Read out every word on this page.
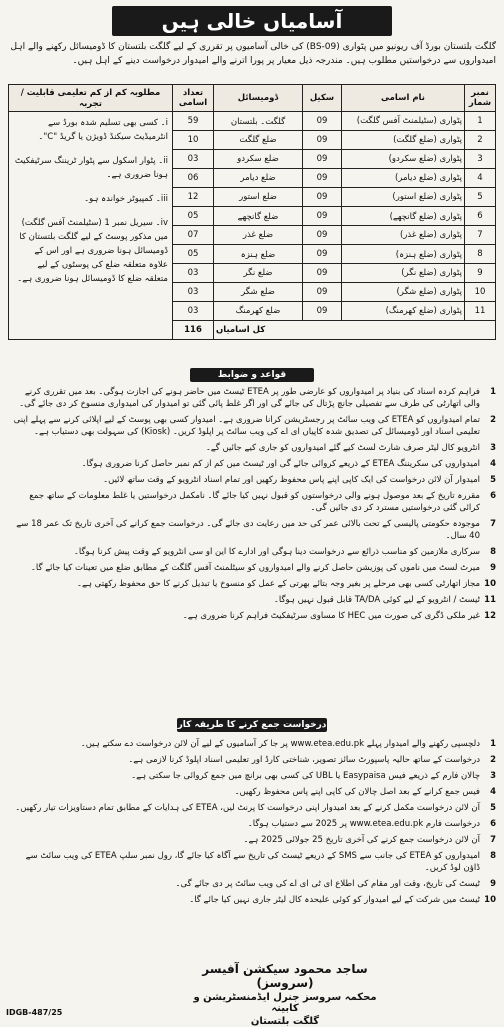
آسامیاں خالی ہیں
گلگت بلتستان بورڈ آف ریونیو میں پٹواری (BS-09) کی خالی آسامیوں پر تقرری کے لیے گلگت بلتستان کا ڈومیسائل رکھنے والے اہل امیدواروں سے درخواستیں مطلوب ہیں۔ مندرجہ ذیل معیار پر پورا اترنے والے امیدوار درخواست دینے کے اہل ہیں۔
نمبر شمار	نام اسامی	سکیل	ڈومیسائل	تعداد اسامی	مطلوبہ کم از کم تعلیمی قابلیت / تجربہ
1	پٹواری (سٹیلمنٹ آفس گلگت)	09	گلگت۔ بلتستان	59	i۔ کسی بھی تسلیم شدہ بورڈ سے انٹرمیڈیٹ سیکنڈ ڈویژن یا گریڈ "C"۔
ii۔ پٹوار اسکول سے پٹوار ٹریننگ سرٹیفکیٹ ہونا ضروری ہے۔
iii۔ کمپیوٹر خواندہ ہو۔
iv۔ سیریل نمبر 1 (سٹیلمنٹ آفس گلگت) میں مذکور پوسٹ کے لیے گلگت بلتستان کا ڈومیسائل ہونا ضروری ہے اور اس کے علاوہ متعلقہ ضلع کی پوسٹوں کے لیے متعلقہ ضلع کا ڈومیسائل ہونا ضروری ہے۔

2	پٹواری (ضلع گلگت)	09	ضلع گلگت	10	
3	پٹواری (ضلع سکردو)	09	ضلع سکردو	03	
4	پٹواری (ضلع دیامر)	09	ضلع دیامر	06	
5	پٹواری (ضلع استور)	09	ضلع استور	12	
6	پٹواری (ضلع گانچھے)	09	ضلع گانچھے	05	
7	پٹواری (ضلع غذر)	09	ضلع غذر	07	
8	پٹواری (ضلع ہنزہ)	09	ضلع ہنزہ	05	
9	پٹواری (ضلع نگر)	09	ضلع نگر	03	
10	پٹواری (ضلع شگر)	09	ضلع شگر	03	
11	پٹواری (ضلع کھرمنگ)	09	ضلع کھرمنگ	03	
کل اسامیاں				116	
قواعد و ضوابط
1
فراہم کردہ اسناد کی بنیاد پر امیدواروں کو عارضی طور پر ETEA ٹیسٹ میں حاضر ہونے کی اجازت ہوگی۔ بعد میں تقرری کرنے والی اتھارٹی کی طرف سے تفصیلی جانچ پڑتال کی جائے گی اور اگر غلط پائی گئی تو امیدوار کی امیدواری منسوخ کر دی جائے گی۔
2
تمام امیدواروں کو ETEA کی ویب سائٹ پر رجسٹریشن کرانا ضروری ہے۔ امیدوار کسی بھی پوسٹ کے لیے اپلائی کرنے سے پہلے اپنی تعلیمی اسناد اور ڈومیسائل کی تصدیق شدہ کاپیاں ای اے کی ویب سائٹ پر اپلوڈ کریں۔ (Kiosk) کی سہولت بھی دستیاب ہے۔
3
انٹرویو کال لیٹر صرف شارٹ لسٹ کیے گئے امیدواروں کو جاری کیے جائیں گے۔
4
امیدواروں کی سکریننگ ETEA کے ذریعے کروائی جائے گی اور ٹیسٹ میں کم از کم نمبر حاصل کرنا ضروری ہوگا۔
5
امیدوار آن لائن درخواست کی ایک کاپی اپنے پاس محفوظ رکھیں اور تمام اسناد انٹرویو کے وقت ساتھ لائیں۔
6
مقررہ تاریخ کے بعد موصول ہونے والی درخواستوں کو قبول نہیں کیا جائے گا۔ نامکمل درخواستیں یا غلط معلومات کے ساتھ جمع کرائی گئی درخواستیں مسترد کر دی جائیں گی۔
7
موجودہ حکومتی پالیسی کے تحت بالائی عمر کی حد میں رعایت دی جائے گی۔ درخواست جمع کرانے کی آخری تاریخ تک عمر 18 سے 40 سال۔
8
سرکاری ملازمین کو مناسب ذرائع سے درخواست دینا ہوگی اور ادارے کا این او سی انٹرویو کے وقت پیش کرنا ہوگا۔
9
میرٹ لسٹ میں ناموں کی پوزیشن حاصل کرنے والے امیدواروں کو سیٹلمنٹ آفس گلگت کے مطابق ضلع میں تعینات کیا جائے گا۔
10
مجاز اتھارٹی کسی بھی مرحلے پر بغیر وجہ بتائے بھرتی کے عمل کو منسوخ یا تبدیل کرنے کا حق محفوظ رکھتی ہے۔
11
ٹیسٹ / انٹرویو کے لیے کوئی TA/DA قابل قبول نہیں ہوگا۔
12
غیر ملکی ڈگری کی صورت میں HEC کا مساوی سرٹیفکیٹ فراہم کرنا ضروری ہے۔
درخواست جمع کرنے کا طریقہ کار
1
دلچسپی رکھنے والے امیدوار پہلے www.etea.edu.pk پر جا کر آسامیوں کے لیے آن لائن درخواست دے سکتے ہیں۔
2
درخواست کے ساتھ حالیہ پاسپورٹ سائز تصویر، شناختی کارڈ اور تعلیمی اسناد اپلوڈ کرنا لازمی ہے۔
3
چالان فارم کے ذریعے فیس Easypaisa یا UBL کی کسی بھی برانچ میں جمع کروائی جا سکتی ہے۔
4
فیس جمع کرانے کے بعد اصل چالان کی کاپی اپنے پاس محفوظ رکھیں۔
5
آن لائن درخواست مکمل کرنے کے بعد امیدوار اپنی درخواست کا پرنٹ لیں، ETEA کی ہدایات کے مطابق تمام دستاویزات تیار رکھیں۔
6
درخواست فارم www.etea.edu.pk پر 2025 سے دستیاب ہوگا۔
7
آن لائن درخواست جمع کرنے کی آخری تاریخ 25 جولائی 2025 ہے۔
8
امیدواروں کو ETEA کی جانب سے SMS کے ذریعے ٹیسٹ کی تاریخ سے آگاہ کیا جائے گا، رول نمبر سلپ ETEA کی ویب سائٹ سے ڈاؤن لوڈ کریں۔
9
ٹیسٹ کی تاریخ، وقت اور مقام کی اطلاع ای ٹی ای اے کی ویب سائٹ پر دی جائے گی۔
10
ٹیسٹ میں شرکت کے لیے امیدوار کو کوئی علیحدہ کال لیٹر جاری نہیں کیا جائے گا۔
ساجد محمود سیکشن آفیسر (سروسز)
محکمہ سروسز جنرل ایڈمنسٹریشن و کابینہ
گلگت بلتستان
IDGB-487/25
